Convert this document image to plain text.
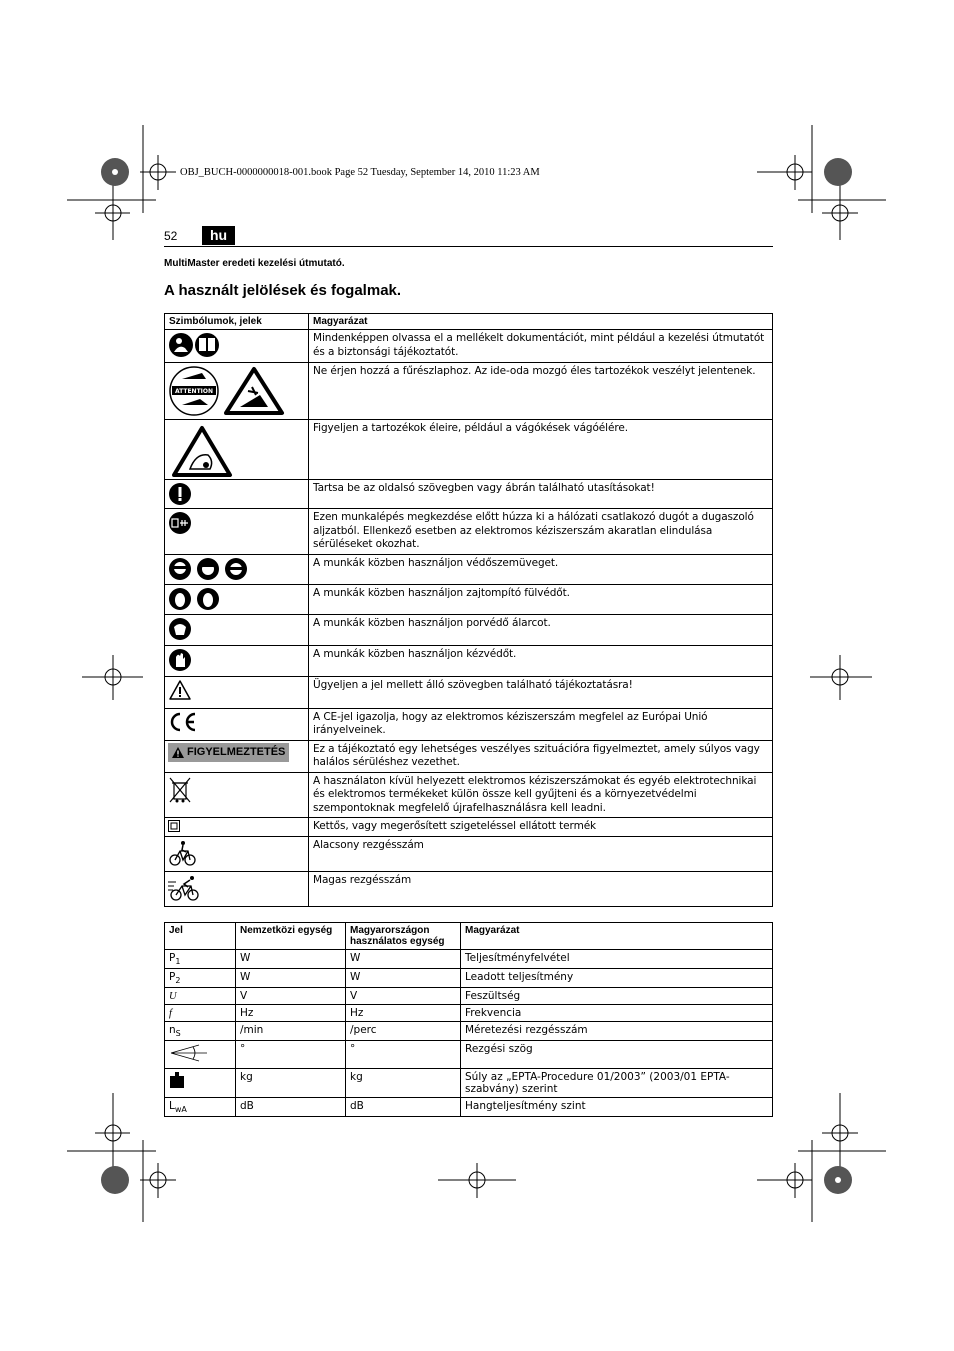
OBJ_BUCH-0000000018-001.book Page 52 Tuesday, September 14, 2010 11:23 AM
52	hu
MultiMaster eredeti kezelési útmutató.
A használt jelölések és fogalmak.
Szimbólumok, jelek	Magyarázat
	Mindenképpen olvassa el a mellékelt dokumentációt, mint például a kezelési útmutatót és a biztonsági tájékoztatót.

ATTENTION	Ne érjen hozzá a fűrészlaphoz. Az ide-oda mozgó éles tartozékok veszélyt jelentenek.
	Figyeljen a tartozékok éleire, például a vágókések vágóélére.
	Tartsa be az oldalsó szövegben vagy ábrán található utasításokat!
	Ezen munkalépés megkezdése előtt húzza ki a hálózati csatlakozó dugót a dugaszoló aljzatból. Ellenkező esetben az elektromos kéziszerszám akaratlan elindulása sérüléseket okozhat.
	A munkák közben használjon védőszemüveget.
	A munkák közben használjon zajtompító fülvédőt.
	A munkák közben használjon porvédő álarcot.
	A munkák közben használjon kézvédőt.
	Ügyeljen a jel mellett álló szövegben található tájékoztatásra!
	A CE-jel igazolja, hogy az elektromos kéziszerszám megfelel az Európai Unió irányelveinek.

FIGYELMEZTETÉS	Ez a tájékoztató egy lehetséges veszélyes szituációra figyelmeztet, amely súlyos vagy halálos sérüléshez vezethet.
	A használaton kívül helyezett elektromos kéziszerszámokat és egyéb elektrotechnikai és elektromos termékeket külön össze kell gyűjteni és a környezetvédelmi szempontoknak megfelelő újrafelhasználásra kell leadni.
	Kettős, vagy megerősített szigeteléssel ellátott termék
	Alacsony rezgésszám
	Magas rezgésszám
Jel	Nemzetközi egység	Magyarországon használatos egység	Magyarázat
$P_1$	W	W	Teljesítményfelvétel
$P_2$	W	W	Leadott teljesítmény
U	V	V	Feszültség
f	Hz	Hz	Frekvencia
$n_S$	/min	/perc	Méretezési rezgésszám
	°	°	Rezgési szög
	kg	kg	Súly az „EPTA-Procedure 01/2003” (2003/01 EPTA-szabvány) szerint
$L_{wA}$	dB	dB	Hangteljesítmény szint
